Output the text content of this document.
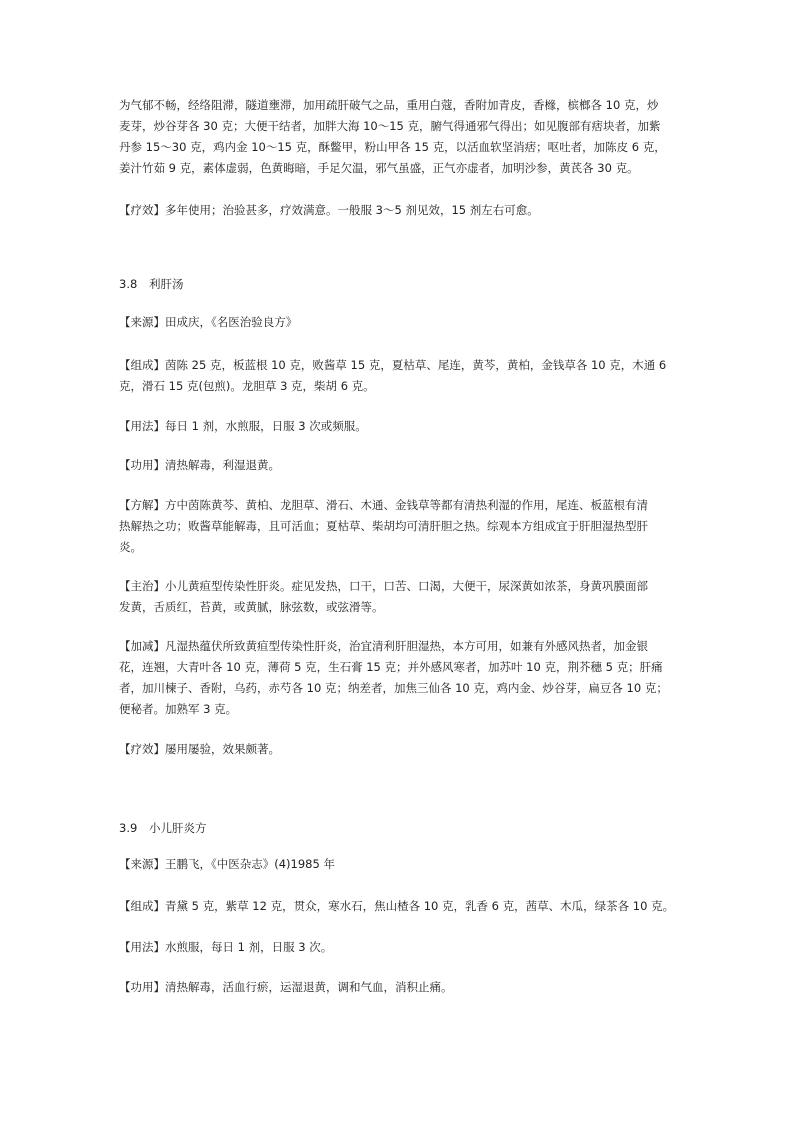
为气郁不畅，经络阻滞，隧道壅滞，加用疏肝破气之品，重用白蔻，香附加青皮，香橼，槟榔各 10 克，炒
麦芽，炒谷芽各 30 克；大便干结者，加胖大海 10～15 克，腑气得通邪气得出；如见腹部有痞块者，加紫
丹参 15～30 克，鸡内金 10～15 克，酥鳖甲，粉山甲各 15 克，以活血软坚消痞；呕吐者，加陈皮 6 克，
姜汁竹茹 9 克，素体虚弱，色黄晦暗，手足欠温，邪气虽盛，正气亦虚者，加明沙参，黄芪各 30 克。
【疗效】多年使用；治验甚多，疗效满意。一般服 3～5 剂见效，15 剂左右可愈。
3.8 利肝汤
【来源】田成庆，《名医治验良方》
【组成】茵陈 25 克，板蓝根 10 克，败酱草 15 克，夏枯草、尾连，黄芩，黄柏，金钱草各 10 克，木通 6
克，滑石 15 克(包煎)。龙胆草 3 克，柴胡 6 克。
【用法】每日 1 剂，水煎服，日服 3 次或频服。
【功用】清热解毒，利湿退黄。
【方解】方中茵陈黄芩、黄柏、龙胆草、滑石、木通、金钱草等都有清热利湿的作用，尾连、板蓝根有清
热解热之功；败酱草能解毒，且可活血；夏枯草、柴胡均可清肝胆之热。综观本方组成宜于肝胆湿热型肝
炎。
【主治】小儿黄疸型传染性肝炎。症见发热，口干，口苦、口渴，大便干，尿深黄如浓茶，身黄巩膜面部
发黄，舌质红，苔黄，或黄腻，脉弦数，或弦滑等。
【加减】凡湿热蕴伏所致黄疸型传染性肝炎，治宜清利肝胆湿热，本方可用，如兼有外感风热者，加金银
花，连翘，大青叶各 10 克，薄荷 5 克，生石膏 15 克；并外感风寒者，加苏叶 10 克，荆芥穗 5 克；肝痛
者，加川楝子、香附，乌药，赤芍各 10 克；纳差者，加焦三仙各 10 克，鸡内金、炒谷芽，扁豆各 10 克；
便秘者。加熟军 3 克。
【疗效】屡用屡验，效果颇著。
3.9 小儿肝炎方
【来源】王鹏飞，《中医杂志》(4)1985 年
【组成】青黛 5 克，紫草 12 克，贯众，寒水石，焦山楂各 10 克，乳香 6 克，茜草、木瓜，绿茶各 10 克。
【用法】水煎服，每日 1 剂，日服 3 次。
【功用】清热解毒，活血行瘀，运湿退黄，调和气血，消积止痛。
